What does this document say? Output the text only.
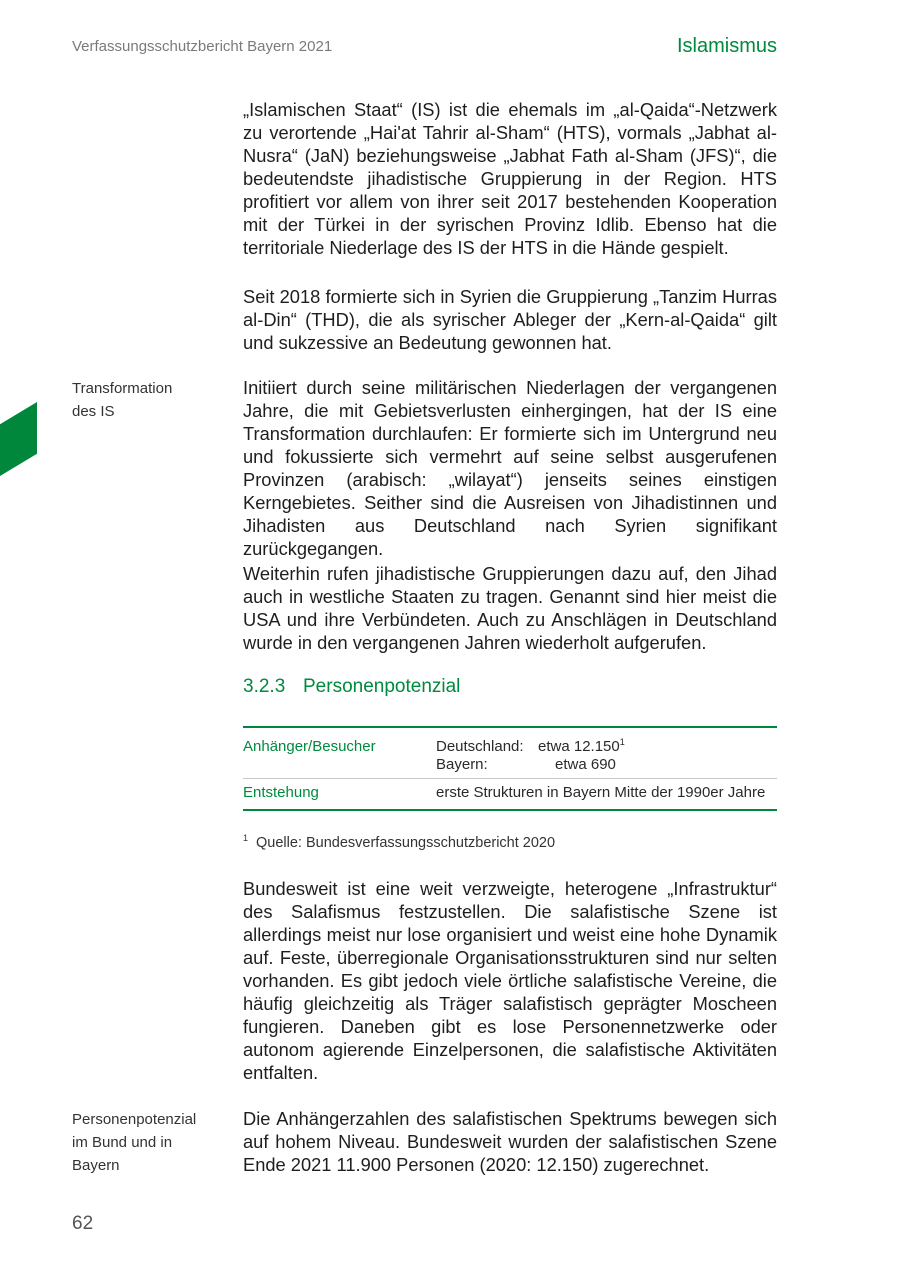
Verfassungsschutzbericht Bayern 2021	Islamismus
Transformation
des IS
Personenpotenzial
im Bund und in
Bayern

„Islamischen Staat“ (IS) ist die ehemals im „al-Qaida“-Netzwerk zu verortende „Hai'at Tahrir al-Sham“ (HTS), vormals „Jabhat al-Nusra“ (JaN) beziehungsweise „Jabhat Fath al-Sham (JFS)“, die bedeutendste jihadistische Gruppierung in der Region. HTS profitiert vor allem von ihrer seit 2017 bestehenden Kooperation mit der Türkei in der syrischen Provinz Idlib. Ebenso hat die territoriale Niederlage des IS der HTS in die Hände gespielt.

Seit 2018 formierte sich in Syrien die Gruppierung „Tanzim Hurras al-Din“ (THD), die als syrischer Ableger der „Kern-al-Qaida“ gilt und sukzessive an Bedeutung gewonnen hat.

Initiiert durch seine militärischen Niederlagen der vergangenen Jahre, die mit Gebietsverlusten einhergingen, hat der IS eine Transformation durchlaufen: Er formierte sich im Untergrund neu und fokussierte sich vermehrt auf seine selbst ausgerufenen Provinzen (arabisch: „wilayat“) jenseits seines einstigen Kerngebietes. Seither sind die Ausreisen von Jihadistinnen und Jihadisten aus Deutschland nach Syrien signifikant zurückgegangen.

Weiterhin rufen jihadistische Gruppierungen dazu auf, den Jihad auch in westliche Staaten zu tragen. Genannt sind hier meist die USA und ihre Verbündeten. Auch zu Anschlägen in Deutschland wurde in den vergangenen Jahren wiederholt aufgerufen.

3.2.3 Personenpotenzial
Anhänger/Besucher	Deutschland: etwa 12.150$^1$
Bayern:	etwa 690
Entstehung	erste Strukturen in Bayern Mitte der 1990er Jahre
$^1$ Quelle: Bundesverfassungsschutzbericht 2020

Bundesweit ist eine weit verzweigte, heterogene „Infrastruktur“ des Salafismus festzustellen. Die salafistische Szene ist allerdings meist nur lose organisiert und weist eine hohe Dynamik auf. Feste, überregionale Organisationsstrukturen sind nur selten vorhanden. Es gibt jedoch viele örtliche salafistische Vereine, die häufig gleichzeitig als Träger salafistisch geprägter Moscheen fungieren. Daneben gibt es lose Personennetzwerke oder autonom agierende Einzelpersonen, die salafistische Aktivitäten entfalten.

Die Anhängerzahlen des salafistischen Spektrums bewegen sich auf hohem Niveau. Bundesweit wurden der salafistischen Szene Ende 2021 11.900 Personen (2020: 12.150) zugerechnet.

62
